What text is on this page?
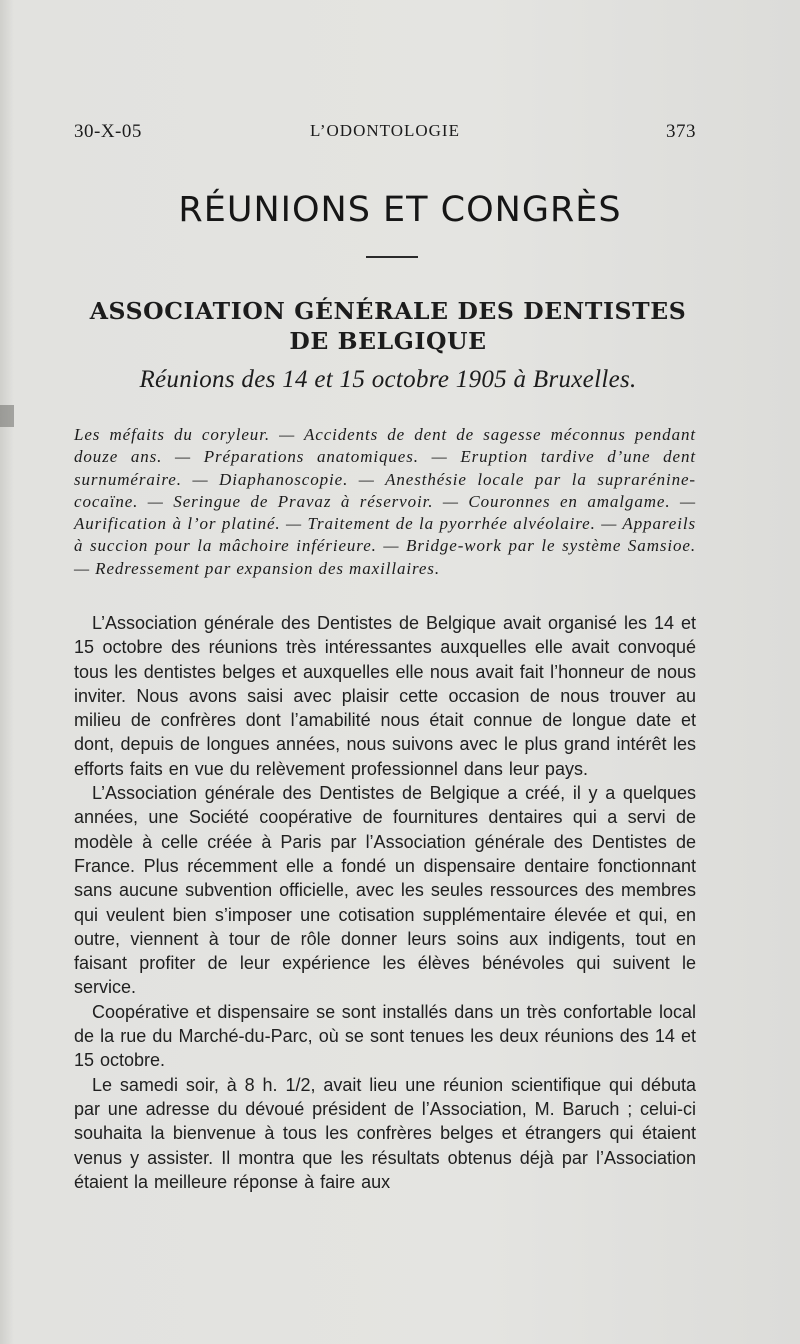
30-X-05	L’ODONTOLOGIE	373
RÉUNIONS ET CONGRÈS
ASSOCIATION GÉNÉRALE DES DENTISTES
DE BELGIQUE
Réunions des 14 et 15 octobre 1905 à Bruxelles.
Les méfaits du coryleur. — Accidents de dent de sagesse méconnus pendant douze ans. — Préparations anatomiques. — Eruption tardive d’une dent surnuméraire. — Diaphanoscopie. — Anesthésie locale par la suprarénine-cocaïne. — Seringue de Pravaz à réservoir. — Couronnes en amalgame. — Aurification à l’or platiné. — Traitement de la pyorrhée alvéolaire. — Appareils à succion pour la mâchoire inférieure. — Bridge-work par le système Samsioe. — Redressement par expansion des maxillaires.

L’Association générale des Dentistes de Belgique avait organisé les 14 et 15 octobre des réunions très intéressantes auxquelles elle avait convoqué tous les dentistes belges et auxquelles elle nous avait fait l’honneur de nous inviter. Nous avons saisi avec plaisir cette occasion de nous trouver au milieu de confrères dont l’amabilité nous était connue de longue date et dont, depuis de longues années, nous suivons avec le plus grand intérêt les efforts faits en vue du relèvement professionnel dans leur pays.

L’Association générale des Dentistes de Belgique a créé, il y a quelques années, une Société coopérative de fournitures dentaires qui a servi de modèle à celle créée à Paris par l’Association générale des Dentistes de France. Plus récemment elle a fondé un dispensaire dentaire fonctionnant sans aucune subvention officielle, avec les seules ressources des membres qui veulent bien s’imposer une cotisation supplémentaire élevée et qui, en outre, viennent à tour de rôle donner leurs soins aux indigents, tout en faisant profiter de leur expérience les élèves bénévoles qui suivent le service.

Coopérative et dispensaire se sont installés dans un très confortable local de la rue du Marché-du-Parc, où se sont tenues les deux réunions des 14 et 15 octobre.

Le samedi soir, à 8 h. 1/2, avait lieu une réunion scientifique qui débuta par une adresse du dévoué président de l’Association, M. Baruch ; celui-ci souhaita la bienvenue à tous les confrères belges et étrangers qui étaient venus y assister. Il montra que les résultats obtenus déjà par l’Association étaient la meilleure réponse à faire aux
